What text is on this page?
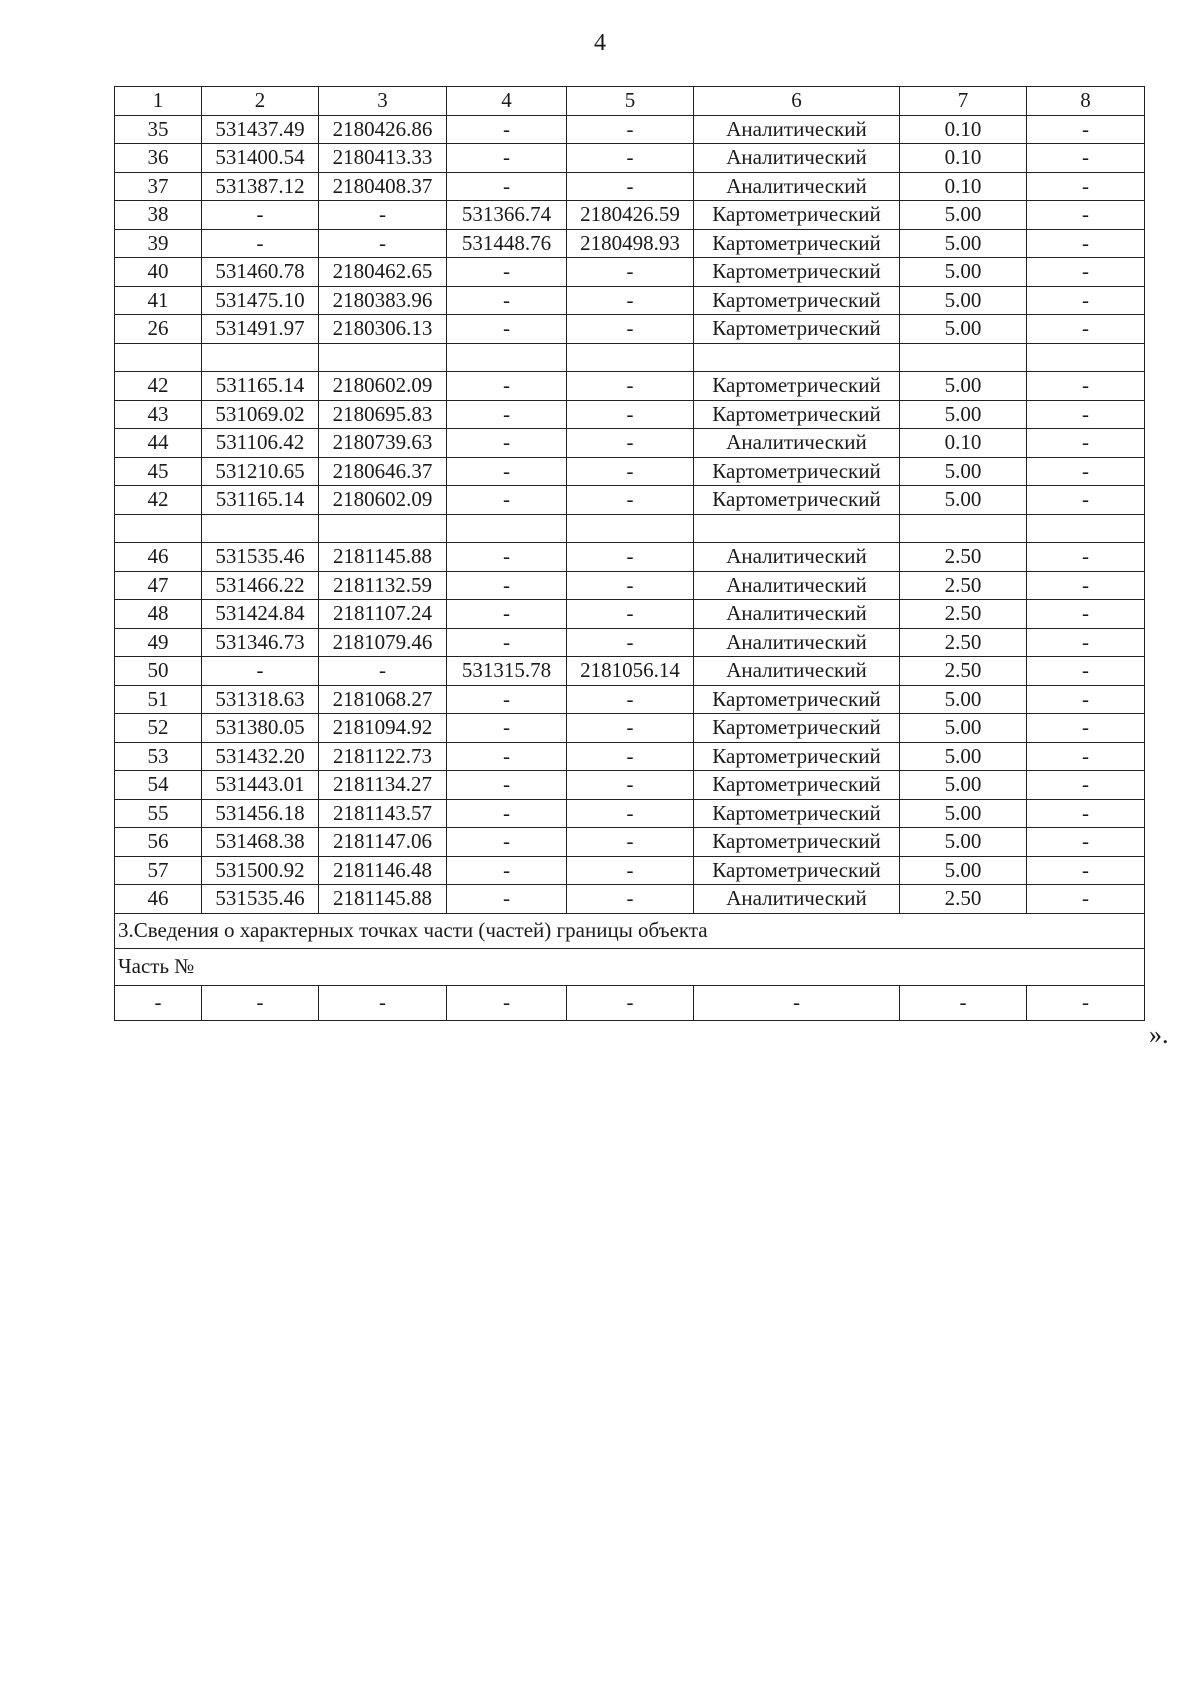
4
1	2	3	4	5	6	7	8
35	531437.49	2180426.86	-	-	Аналитический	0.10	-
36	531400.54	2180413.33	-	-	Аналитический	0.10	-
37	531387.12	2180408.37	-	-	Аналитический	0.10	-
38	-	-	531366.74	2180426.59	Картометрический	5.00	-
39	-	-	531448.76	2180498.93	Картометрический	5.00	-
40	531460.78	2180462.65	-	-	Картометрический	5.00	-
41	531475.10	2180383.96	-	-	Картометрический	5.00	-
26	531491.97	2180306.13	-	-	Картометрический	5.00	-

42	531165.14	2180602.09	-	-	Картометрический	5.00	-
43	531069.02	2180695.83	-	-	Картометрический	5.00	-
44	531106.42	2180739.63	-	-	Аналитический	0.10	-
45	531210.65	2180646.37	-	-	Картометрический	5.00	-
42	531165.14	2180602.09	-	-	Картометрический	5.00	-

46	531535.46	2181145.88	-	-	Аналитический	2.50	-
47	531466.22	2181132.59	-	-	Аналитический	2.50	-
48	531424.84	2181107.24	-	-	Аналитический	2.50	-
49	531346.73	2181079.46	-	-	Аналитический	2.50	-
50	-	-	531315.78	2181056.14	Аналитический	2.50	-
51	531318.63	2181068.27	-	-	Картометрический	5.00	-
52	531380.05	2181094.92	-	-	Картометрический	5.00	-
53	531432.20	2181122.73	-	-	Картометрический	5.00	-
54	531443.01	2181134.27	-	-	Картометрический	5.00	-
55	531456.18	2181143.57	-	-	Картометрический	5.00	-
56	531468.38	2181147.06	-	-	Картометрический	5.00	-
57	531500.92	2181146.48	-	-	Картометрический	5.00	-
46	531535.46	2181145.88	-	-	Аналитический	2.50	-
3.Сведения о характерных точках части (частей) границы объекта							
Часть №							
-	-	-	-	-	-	-	-
».
